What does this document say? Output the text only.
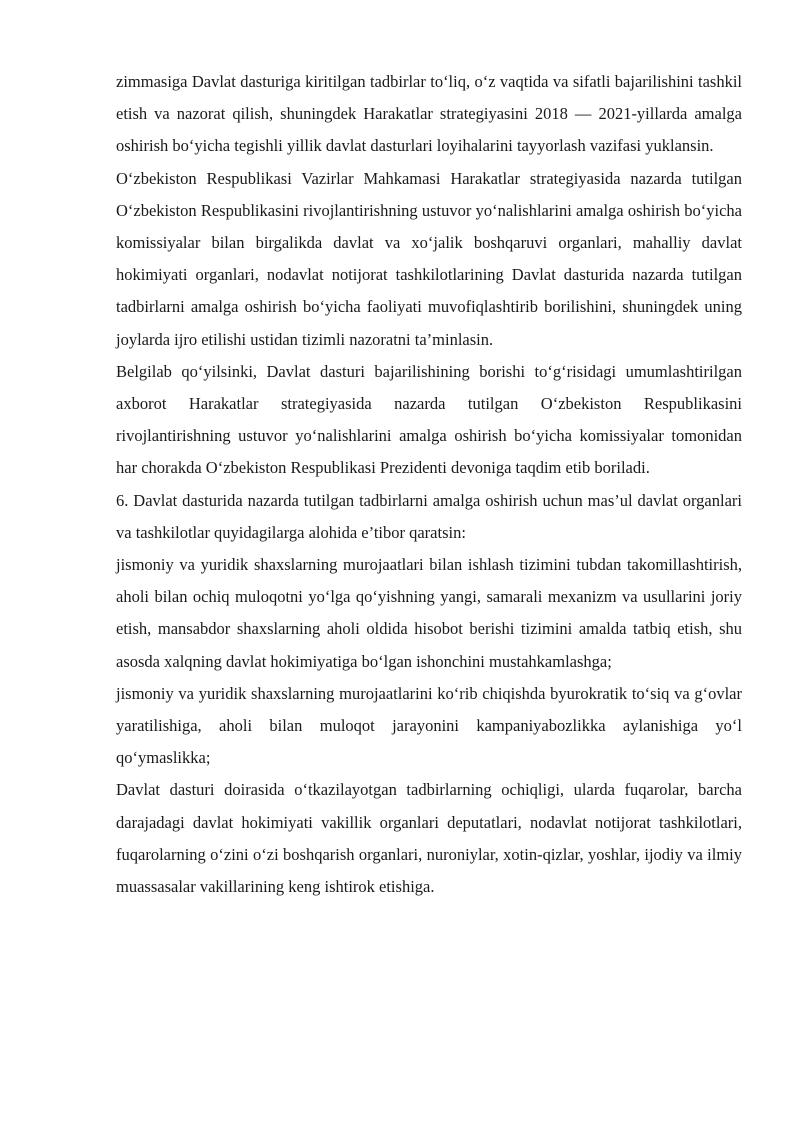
zimmasiga Davlat dasturiga kiritilgan tadbirlar to‘liq, o‘z vaqtida va sifatli bajarilishini tashkil etish va nazorat qilish, shuningdek Harakatlar strategiyasini 2018 — 2021-yillarda amalga oshirish bo‘yicha tegishli yillik davlat dasturlari loyihalarini tayyorlash vazifasi yuklansin.

O‘zbekiston Respublikasi Vazirlar Mahkamasi Harakatlar strategiyasida nazarda tutilgan O‘zbekiston Respublikasini rivojlantirishning ustuvor yo‘nalishlarini amalga oshirish bo‘yicha komissiyalar bilan birgalikda davlat va xo‘jalik boshqaruvi organlari, mahalliy davlat hokimiyati organlari, nodavlat notijorat tashkilotlarining Davlat dasturida nazarda tutilgan tadbirlarni amalga oshirish bo‘yicha faoliyati muvofiqlashtirib borilishini, shuningdek uning joylarda ijro etilishi ustidan tizimli nazoratni ta’minlasin.

Belgilab qo‘yilsinki, Davlat dasturi bajarilishining borishi to‘g‘risidagi umumlashtirilgan axborot Harakatlar strategiyasida nazarda tutilgan O‘zbekiston Respublikasini rivojlantirishning ustuvor yo‘nalishlarini amalga oshirish bo‘yicha komissiyalar tomonidan har chorakda O‘zbekiston Respublikasi Prezidenti devoniga taqdim etib boriladi.

6. Davlat dasturida nazarda tutilgan tadbirlarni amalga oshirish uchun mas’ul davlat organlari va tashkilotlar quyidagilarga alohida e’tibor qaratsin:

jismoniy va yuridik shaxslarning murojaatlari bilan ishlash tizimini tubdan takomillashtirish, aholi bilan ochiq muloqotni yo‘lga qo‘yishning yangi, samarali mexanizm va usullarini joriy etish, mansabdor shaxslarning aholi oldida hisobot berishi tizimini amalda tatbiq etish, shu asosda xalqning davlat hokimiyatiga bo‘lgan ishonchini mustahkamlashga;

jismoniy va yuridik shaxslarning murojaatlarini ko‘rib chiqishda byurokratik to‘siq va g‘ovlar yaratilishiga, aholi bilan muloqot jarayonini kampaniyabozlikka aylanishiga yo‘l qo‘ymaslikka;

Davlat dasturi doirasida o‘tkazilayotgan tadbirlarning ochiqligi, ularda fuqarolar, barcha darajadagi davlat hokimiyati vakillik organlari deputatlari, nodavlat notijorat tashkilotlari, fuqarolarning o‘zini o‘zi boshqarish organlari, nuroniylar, xotin-qizlar, yoshlar, ijodiy va ilmiy muassasalar vakillarining keng ishtirok etishiga.
